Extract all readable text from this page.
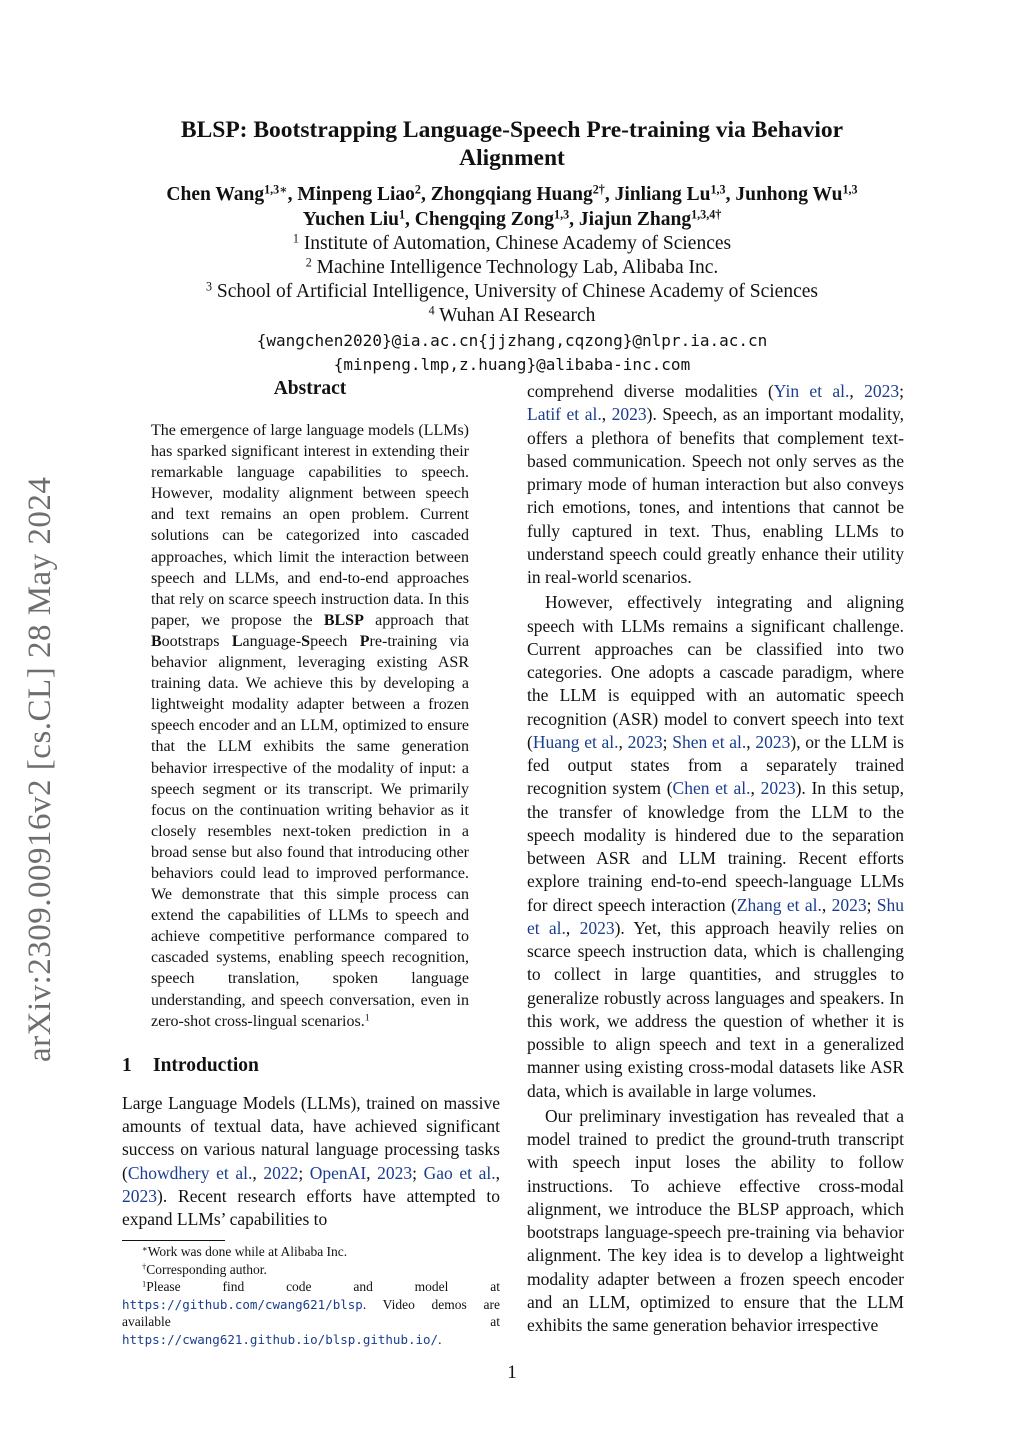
arXiv:2309.00916v2 [cs.CL] 28 May 2024
BLSP: Bootstrapping Language-Speech Pre-training via Behavior
Alignment
Chen Wang$^{1,3∗}$, Minpeng Liao$^2$, Zhongqiang Huang$^{2\dagger}$, Jinliang Lu$^{1,3}$, Junhong Wu$^{1,3}$
Yuchen Liu$^1$, Chengqing Zong$^{1,3}$, Jiajun Zhang$^{1,3,4\dagger}$
$^1$ Institute of Automation, Chinese Academy of Sciences
$^2$ Machine Intelligence Technology Lab, Alibaba Inc.
$^3$ School of Artificial Intelligence, University of Chinese Academy of Sciences
$^4$ Wuhan AI Research
{wangchen2020}@ia.ac.cn{jjzhang,cqzong}@nlpr.ia.ac.cn
{minpeng.lmp,z.huang}@alibaba-inc.com
Abstract
The emergence of large language models (LLMs) has sparked significant interest in extending their remarkable language capabilities to speech. However, modality alignment between speech and text remains an open problem. Current solutions can be categorized into cascaded approaches, which limit the interaction between speech and LLMs, and end-to-end approaches that rely on scarce speech instruction data. In this paper, we propose the BLSP approach that Bootstraps Language-Speech Pre-training via behavior alignment, leveraging existing ASR training data. We achieve this by developing a lightweight modality adapter between a frozen speech encoder and an LLM, optimized to ensure that the LLM exhibits the same generation behavior irrespective of the modality of input: a speech segment or its transcript. We primarily focus on the continuation writing behavior as it closely resembles next-token prediction in a broad sense but also found that introducing other behaviors could lead to improved performance. We demonstrate that this simple process can extend the capabilities of LLMs to speech and achieve competitive performance compared to cascaded systems, enabling speech recognition, speech translation, spoken language understanding, and speech conversation, even in zero-shot cross-lingual scenarios.$^1$
1 Introduction
Large Language Models (LLMs), trained on massive amounts of textual data, have achieved significant success on various natural language processing tasks (Chowdhery et al., 2022; OpenAI, 2023; Gao et al., 2023). Recent research efforts have attempted to expand LLMs’ capabilities to

comprehend diverse modalities (Yin et al., 2023; Latif et al., 2023). Speech, as an important modality, offers a plethora of benefits that complement text-based communication. Speech not only serves as the primary mode of human interaction but also conveys rich emotions, tones, and intentions that cannot be fully captured in text. Thus, enabling LLMs to understand speech could greatly enhance their utility in real-world scenarios.

However, effectively integrating and aligning speech with LLMs remains a significant challenge. Current approaches can be classified into two categories. One adopts a cascade paradigm, where the LLM is equipped with an automatic speech recognition (ASR) model to convert speech into text (Huang et al., 2023; Shen et al., 2023), or the LLM is fed output states from a separately trained recognition system (Chen et al., 2023). In this setup, the transfer of knowledge from the LLM to the speech modality is hindered due to the separation between ASR and LLM training. Recent efforts explore training end-to-end speech-language LLMs for direct speech interaction (Zhang et al., 2023; Shu et al., 2023). Yet, this approach heavily relies on scarce speech instruction data, which is challenging to collect in large quantities, and struggles to generalize robustly across languages and speakers. In this work, we address the question of whether it is possible to align speech and text in a generalized manner using existing cross-modal datasets like ASR data, which is available in large volumes.

Our preliminary investigation has revealed that a model trained to predict the ground-truth transcript with speech input loses the ability to follow instructions. To achieve effective cross-modal alignment, we introduce the BLSP approach, which bootstraps language-speech pre-training via behavior alignment. The key idea is to develop a lightweight modality adapter between a frozen speech encoder and an LLM, optimized to ensure that the LLM exhibits the same generation behavior irrespective

∗Work was done while at Alibaba Inc.
†Corresponding author.
$^1$Please find code and model at https://github.com/cwang621/blsp. Video demos are available at https://cwang621.github.io/blsp.github.io/.
1
